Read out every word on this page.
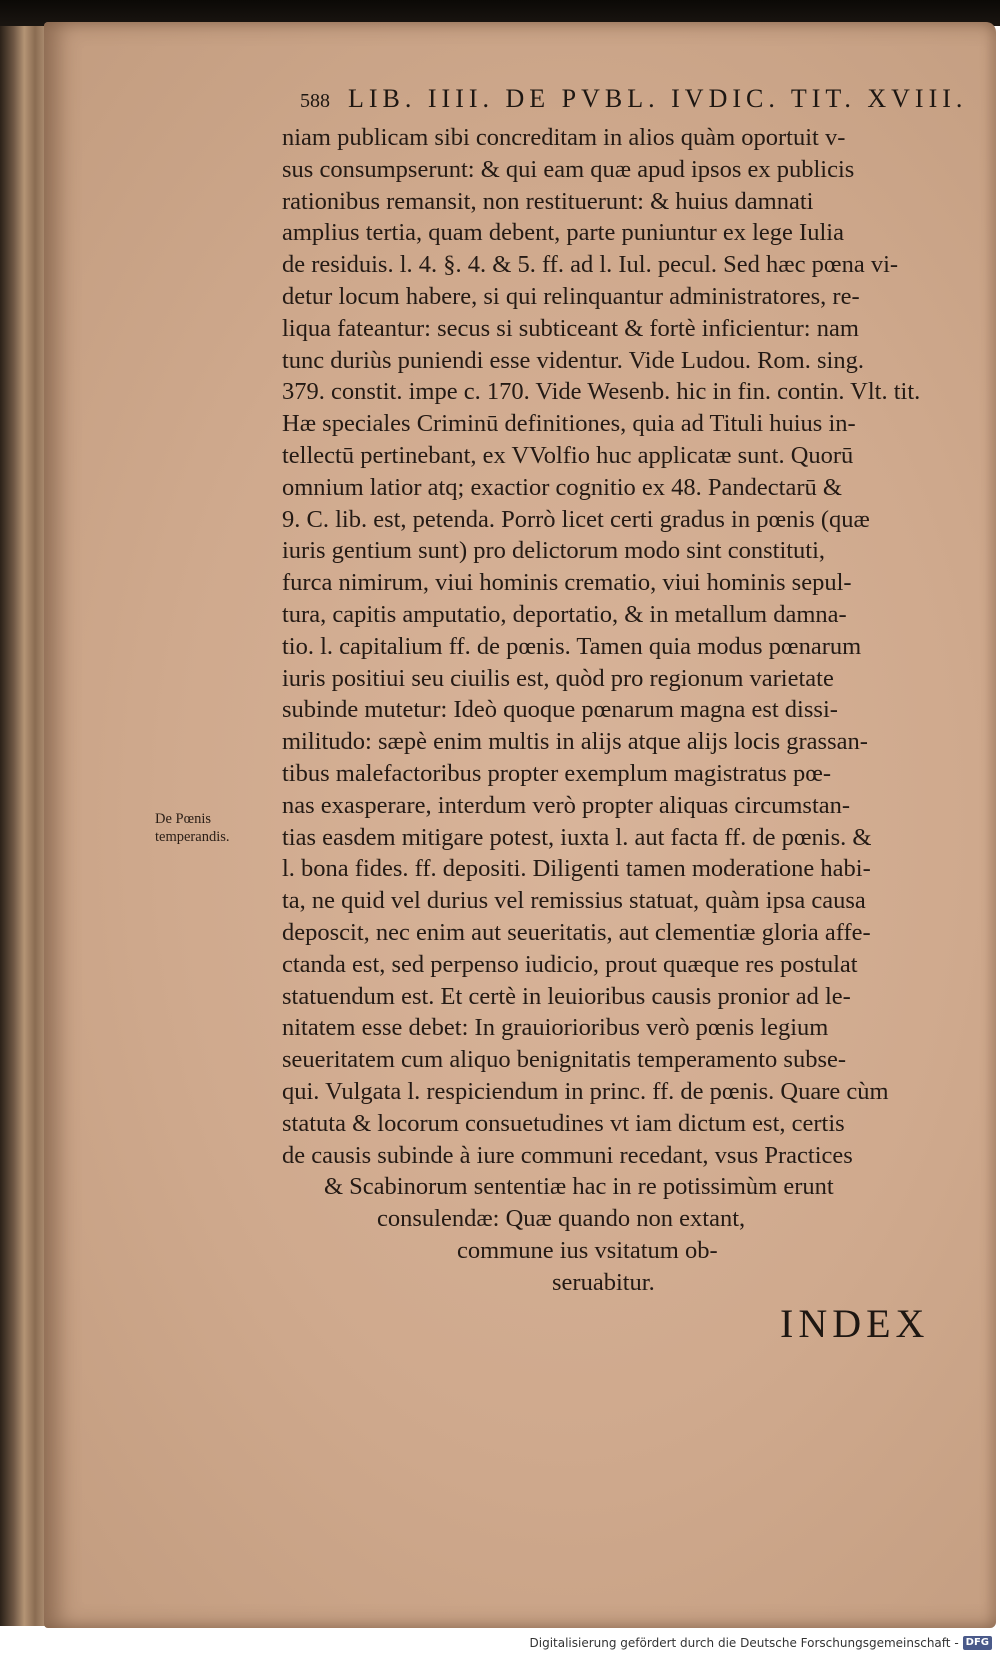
588 LIB. IIII. DE PVBL. IVDIC. TIT. XVIII.
niam publicam sibi concreditam in alios quàm oportuit v-
sus consumpserunt: & qui eam quæ apud ipsos ex publicis
rationibus remansit, non restituerunt: & huius damnati
amplius tertia, quam debent, parte puniuntur ex lege Iulia
de residuis. l. 4. §. 4. & 5. ff. ad l. Iul. pecul. Sed hæc pœna vi-
detur locum habere, si qui relinquantur administratores, re-
liqua fateantur: secus si subticeant & fortè inficientur: nam
tunc duriùs puniendi esse videntur. Vide Ludou. Rom. sing.
379. constit. impe c. 170. Vide Wesenb. hic in fin. contin. Vlt. tit.
Hæ speciales Criminū definitiones, quia ad Tituli huius in-
tellectū pertinebant, ex VVolfio huc applicatæ sunt. Quorū
omnium latior atq; exactior cognitio ex 48. Pandectarū &
9. C. lib. est, petenda. Porrò licet certi gradus in pœnis (quæ
iuris gentium sunt) pro delictorum modo sint constituti,
furca nimirum, viui hominis crematio, viui hominis sepul-
tura, capitis amputatio, deportatio, & in metallum damna-
tio. l. capitalium ff. de pœnis. Tamen quia modus pœnarum
iuris positiui seu ciuilis est, quòd pro regionum varietate
subinde mutetur: Ideò quoque pœnarum magna est dissi-
militudo: sæpè enim multis in alijs atque alijs locis grassan-
tibus malefactoribus propter exemplum magistratus pœ-
nas exasperare, interdum verò propter aliquas circumstan-
tias easdem mitigare potest, iuxta l. aut facta ff. de pœnis. &
l. bona fides. ff. depositi. Diligenti tamen moderatione habi-
ta, ne quid vel durius vel remissius statuat, quàm ipsa causa
deposcit, nec enim aut seueritatis, aut clementiæ gloria affe-
ctanda est, sed perpenso iudicio, prout quæque res postulat
statuendum est. Et certè in leuioribus causis pronior ad le-
nitatem esse debet: In grauiorioribus verò pœnis legium
seueritatem cum aliquo benignitatis temperamento subse-
qui. Vulgata l. respiciendum in princ. ff. de pœnis. Quare cùm
statuta & locorum consuetudines vt iam dictum est, certis
de causis subinde à iure communi recedant, vsus Practices
& Scabinorum sententiæ hac in re potissimùm erunt
consulendæ: Quæ quando non extant,
commune ius vsitatum ob-
seruabitur.
De Pœnis temperandis.
INDEX
Digitalisierung gefördert durch die Deutsche Forschungsgemeinschaft - DFG
